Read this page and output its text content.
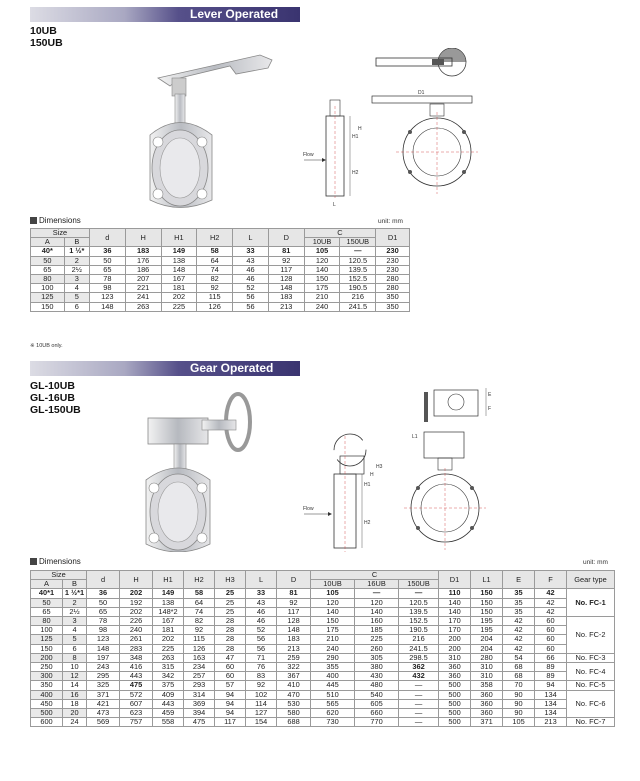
Lever Operated
10UB
150UB
D1
H1
H
H2
Flow
L
Dimensions	unit: mm
Size		d	H	H1	H2	L	D	C		D1
A	B							10UB	150UB	

40*	1 ½*	36	183	149	58	33	81	105	—	230
50	2	50	176	138	64	43	92	120	120.5	230
65	2½	65	186	148	74	46	117	140	139.5	230
80	3	78	207	167	82	46	128	150	152.5	280
100	4	98	221	181	92	52	148	175	190.5	280
125	5	123	241	202	115	56	183	210	216	350
150	6	148	263	225	126	56	213	240	241.5	350
※ 10UB only.
Gear Operated
GL-10UB
GL-16UB
GL-150UB
E
F
H1
H
H2
H3
Flow
L1
Dimensions	unit: mm
Size		d	H	H1	H2	H3	L	D	C			D1	L1	E	F	Gear type
A	B								10UB	16UB	150UB					

40*1	1 ½*1	36	202	149	58	25	33	81	105	—	—	110	150	35	42	No. FC-1
50	2	50	192	138	64	25	43	92	120	120	120.5	140	150	35	42	
65	2½	65	202	148*2	74	25	46	117	140	140	139.5	140	150	35	42	
80	3	78	226	167	82	28	46	128	150	160	152.5	170	195	42	60	No. FC-2
100	4	98	240	181	92	28	52	148	175	185	190.5	170	195	42	60	
125	5	123	261	202	115	28	56	183	210	225	216	200	204	42	60	
150	6	148	283	225	126	28	56	213	240	260	241.5	200	204	42	60	
200	8	197	348	263	163	47	71	259	290	305	298.5	310	280	54	66	No. FC-3
250	10	243	416	315	234	60	76	322	355	380	362	360	310	68	89	No. FC-4
300	12	295	443	342	257	60	83	367	400	430	432	360	310	68	89	
350	14	325	475	375	293	57	92	410	445	480	—	500	358	70	94	No. FC-5
400	16	371	572	409	314	94	102	470	510	540	—	500	360	90	134	No. FC-6
450	18	421	607	443	369	94	114	530	565	605	—	500	360	90	134	
500	20	473	623	459	394	94	127	580	620	660	—	500	360	90	134	
600	24	569	757	558	475	117	154	688	730	770	—	500	371	105	213	No. FC-7
